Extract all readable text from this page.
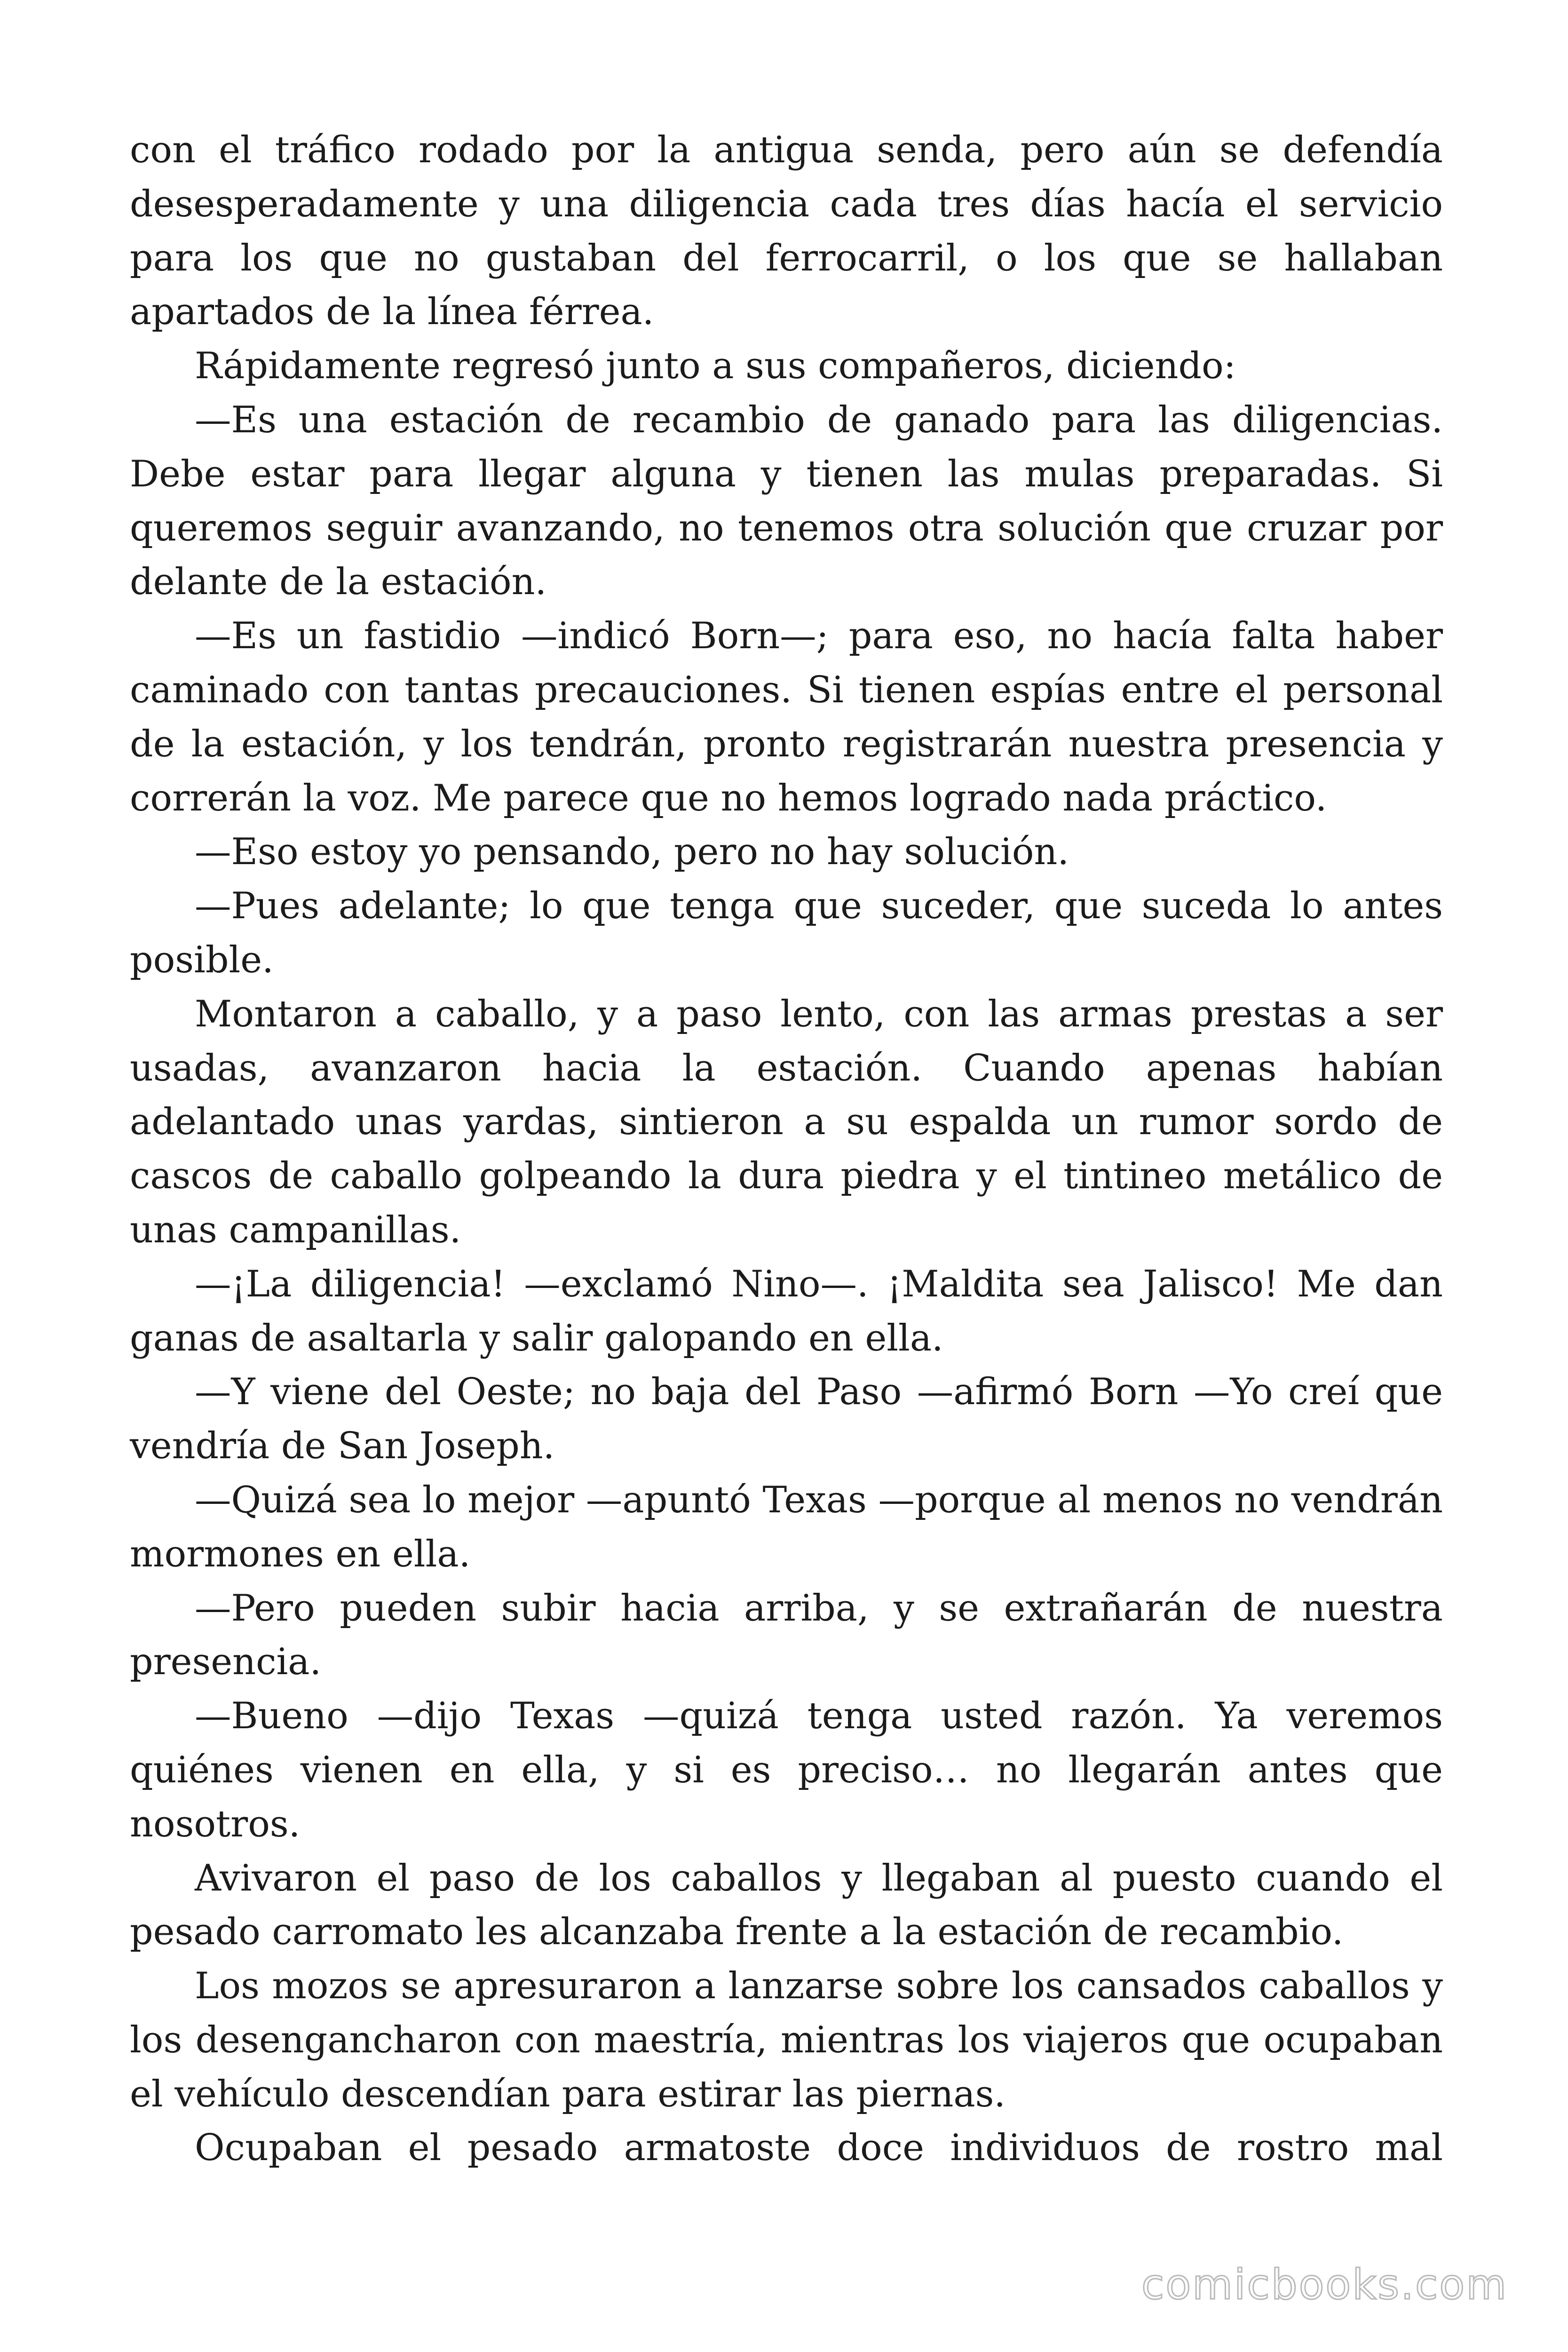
con el tráfico rodado por la antigua senda, pero aún se defendía desesperadamente y una diligencia cada tres días hacía el servicio para los que no gustaban del ferrocarril, o los que se hallaban apartados de la línea férrea.

Rápidamente regresó junto a sus compañeros, diciendo:

—Es una estación de recambio de ganado para las diligencias. Debe estar para llegar alguna y tienen las mulas preparadas. Si queremos seguir avanzando, no tenemos otra solución que cruzar por delante de la estación.

—Es un fastidio —indicó Born—; para eso, no hacía falta haber caminado con tantas precauciones. Si tienen espías entre el personal de la estación, y los tendrán, pronto registrarán nuestra presencia y correrán la voz. Me parece que no hemos logrado nada práctico.

—Eso estoy yo pensando, pero no hay solución.

—Pues adelante; lo que tenga que suceder, que suceda lo antes posible.

Montaron a caballo, y a paso lento, con las armas prestas a ser usadas, avanzaron hacia la estación. Cuando apenas habían adelantado unas yardas, sintieron a su espalda un rumor sordo de cascos de caballo golpeando la dura piedra y el tintineo metálico de unas campanillas.

—¡La diligencia! —exclamó Nino—. ¡Maldita sea Jalisco! Me dan ganas de asaltarla y salir galopando en ella.

—Y viene del Oeste; no baja del Paso —afirmó Born —Yo creí que vendría de San Joseph.

—Quizá sea lo mejor —apuntó Texas —porque al menos no vendrán mormones en ella.

—Pero pueden subir hacia arriba, y se extrañarán de nuestra presencia.

—Bueno —dijo Texas —quizá tenga usted razón. Ya veremos quiénes vienen en ella, y si es preciso… no llegarán antes que nosotros.

Avivaron el paso de los caballos y llegaban al puesto cuando el pesado carromato les alcanzaba frente a la estación de recambio.

Los mozos se apresuraron a lanzarse sobre los cansados caballos y los desengancharon con maestría, mientras los viajeros que ocupaban el vehículo descendían para estirar las piernas.

Ocupaban el pesado armatoste doce individuos de rostro mal

comicbooks.com
